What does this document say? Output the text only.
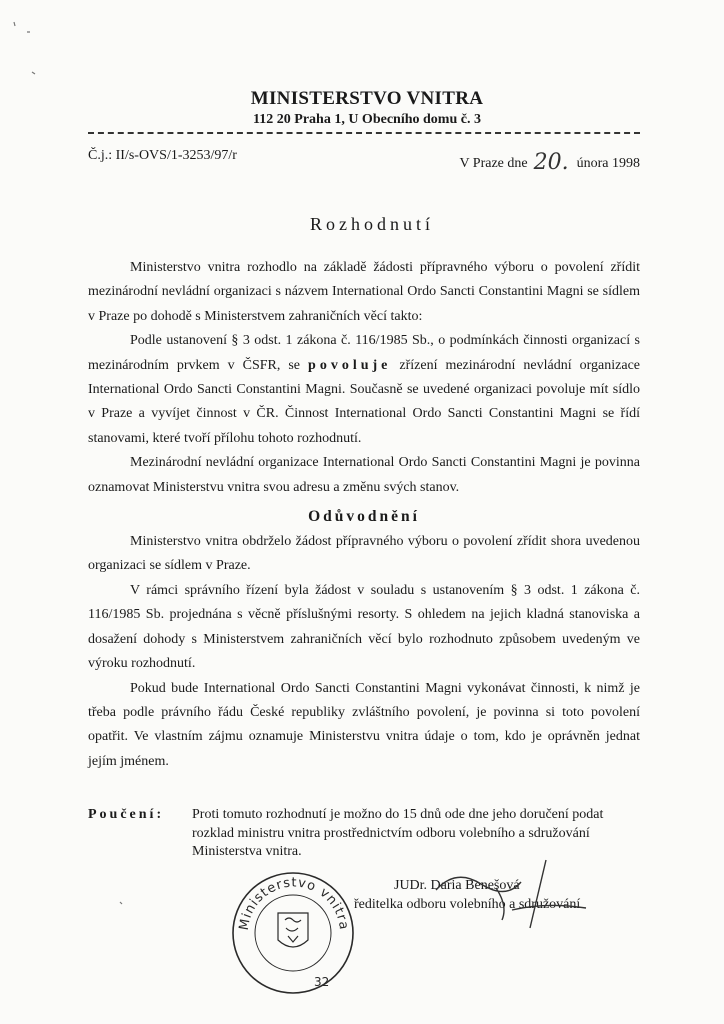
MINISTERSTVO VNITRA
112 20 Praha 1, U Obecního domu č. 3
Č.j.: II/s-OVS/1-3253/97/r
V Praze dne 20. února 1998
Rozhodnutí

Ministerstvo vnitra rozhodlo na základě žádosti přípravného výboru o povolení zřídit mezinárodní nevládní organizaci s názvem International Ordo Sancti Constantini Magni se sídlem v Praze po dohodě s Ministerstvem zahraničních věcí takto:

Podle ustanovení § 3 odst. 1 zákona č. 116/1985 Sb., o podmínkách činnosti organizací s mezinárodním prvkem v ČSFR, se povoluje zřízení mezinárodní nevládní organizace International Ordo Sancti Constantini Magni. Současně se uvedené organizaci povoluje mít sídlo v Praze a vyvíjet činnost v ČR. Činnost International Ordo Sancti Constantini Magni se řídí stanovami, které tvoří přílohu tohoto rozhodnutí.

Mezinárodní nevládní organizace International Ordo Sancti Constantini Magni je povinna oznamovat Ministerstvu vnitra svou adresu a změnu svých stanov.

Odůvodnění

Ministerstvo vnitra obdrželo žádost přípravného výboru o povolení zřídit shora uvedenou organizaci se sídlem v Praze.

V rámci správního řízení byla žádost v souladu s ustanovením § 3 odst. 1 zákona č. 116/1985 Sb. projednána s věcně příslušnými resorty. S ohledem na jejich kladná stanoviska a dosažení dohody s Ministerstvem zahraničních věcí bylo rozhodnuto způsobem uvedeným ve výroku rozhodnutí.

Pokud bude International Ordo Sancti Constantini Magni vykonávat činnosti, k nimž je třeba podle právního řádu České republiky zvláštního povolení, je povinna si toto povolení opatřit. Ve vlastním zájmu oznamuje Ministerstvu vnitra údaje o tom, kdo je oprávněn jednat jejím jménem.

Poučení: Proti tomuto rozhodnutí je možno do 15 dnů ode dne jeho doručení podat rozklad ministru vnitra prostřednictvím odboru volebního a sdružování Ministerstva vnitra.
JUDr. Daria Benešová
ředitelka odboru volebního a sdružování
Ministerstvo vnitra
32
